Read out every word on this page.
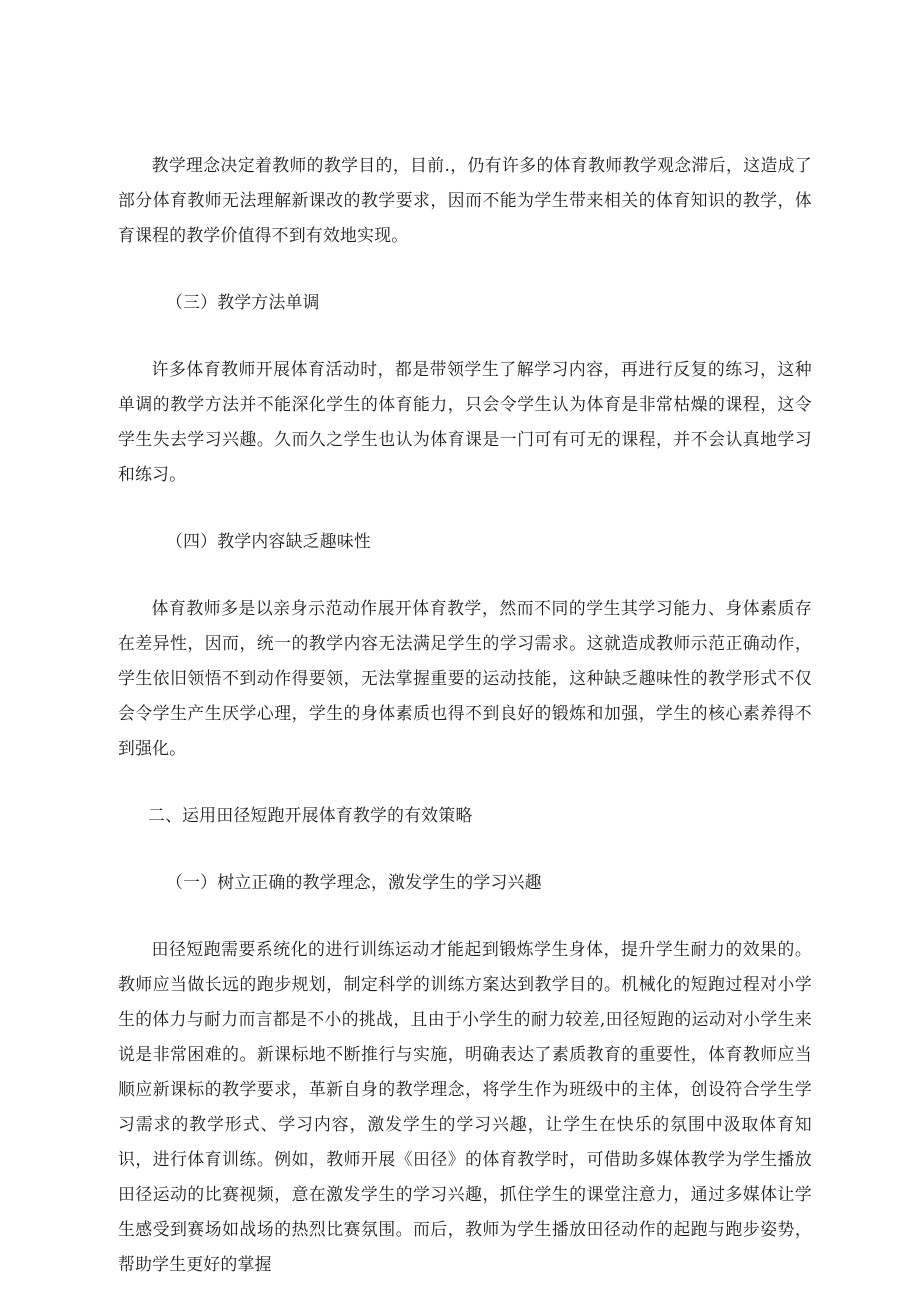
教学理念决定着教师的教学目的，目前.，仍有许多的体育教师教学观念滞后，这造成了部分体育教师无法理解新课改的教学要求，因而不能为学生带来相关的体育知识的教学，体育课程的教学价值得不到有效地实现。

（三）教学方法单调

许多体育教师开展体育活动时，都是带领学生了解学习内容，再进行反复的练习，这种单调的教学方法并不能深化学生的体育能力，只会令学生认为体育是非常枯燥的课程，这令学生失去学习兴趣。久而久之学生也认为体育课是一门可有可无的课程，并不会认真地学习和练习。

（四）教学内容缺乏趣味性

体育教师多是以亲身示范动作展开体育教学，然而不同的学生其学习能力、身体素质存在差异性，因而，统一的教学内容无法满足学生的学习需求。这就造成教师示范正确动作，学生依旧领悟不到动作得要领，无法掌握重要的运动技能，这种缺乏趣味性的教学形式不仅会令学生产生厌学心理，学生的身体素质也得不到良好的锻炼和加强，学生的核心素养得不到强化。

二、运用田径短跑开展体育教学的有效策略

（一）树立正确的教学理念，激发学生的学习兴趣

田径短跑需要系统化的进行训练运动才能起到锻炼学生身体，提升学生耐力的效果的。教师应当做长远的跑步规划，制定科学的训练方案达到教学目的。机械化的短跑过程对小学生的体力与耐力而言都是不小的挑战，且由于小学生的耐力较差,田径短跑的运动对小学生来说是非常困难的。新课标地不断推行与实施，明确表达了素质教育的重要性，体育教师应当顺应新课标的教学要求，革新自身的教学理念，将学生作为班级中的主体，创设符合学生学习需求的教学形式、学习内容，激发学生的学习兴趣，让学生在快乐的氛围中汲取体育知识，进行体育训练。例如，教师开展《田径》的体育教学时，可借助多媒体教学为学生播放田径运动的比赛视频，意在激发学生的学习兴趣，抓住学生的课堂注意力，通过多媒体让学生感受到赛场如战场的热烈比赛氛围。而后，教师为学生播放田径动作的起跑与跑步姿势，帮助学生更好的掌握
